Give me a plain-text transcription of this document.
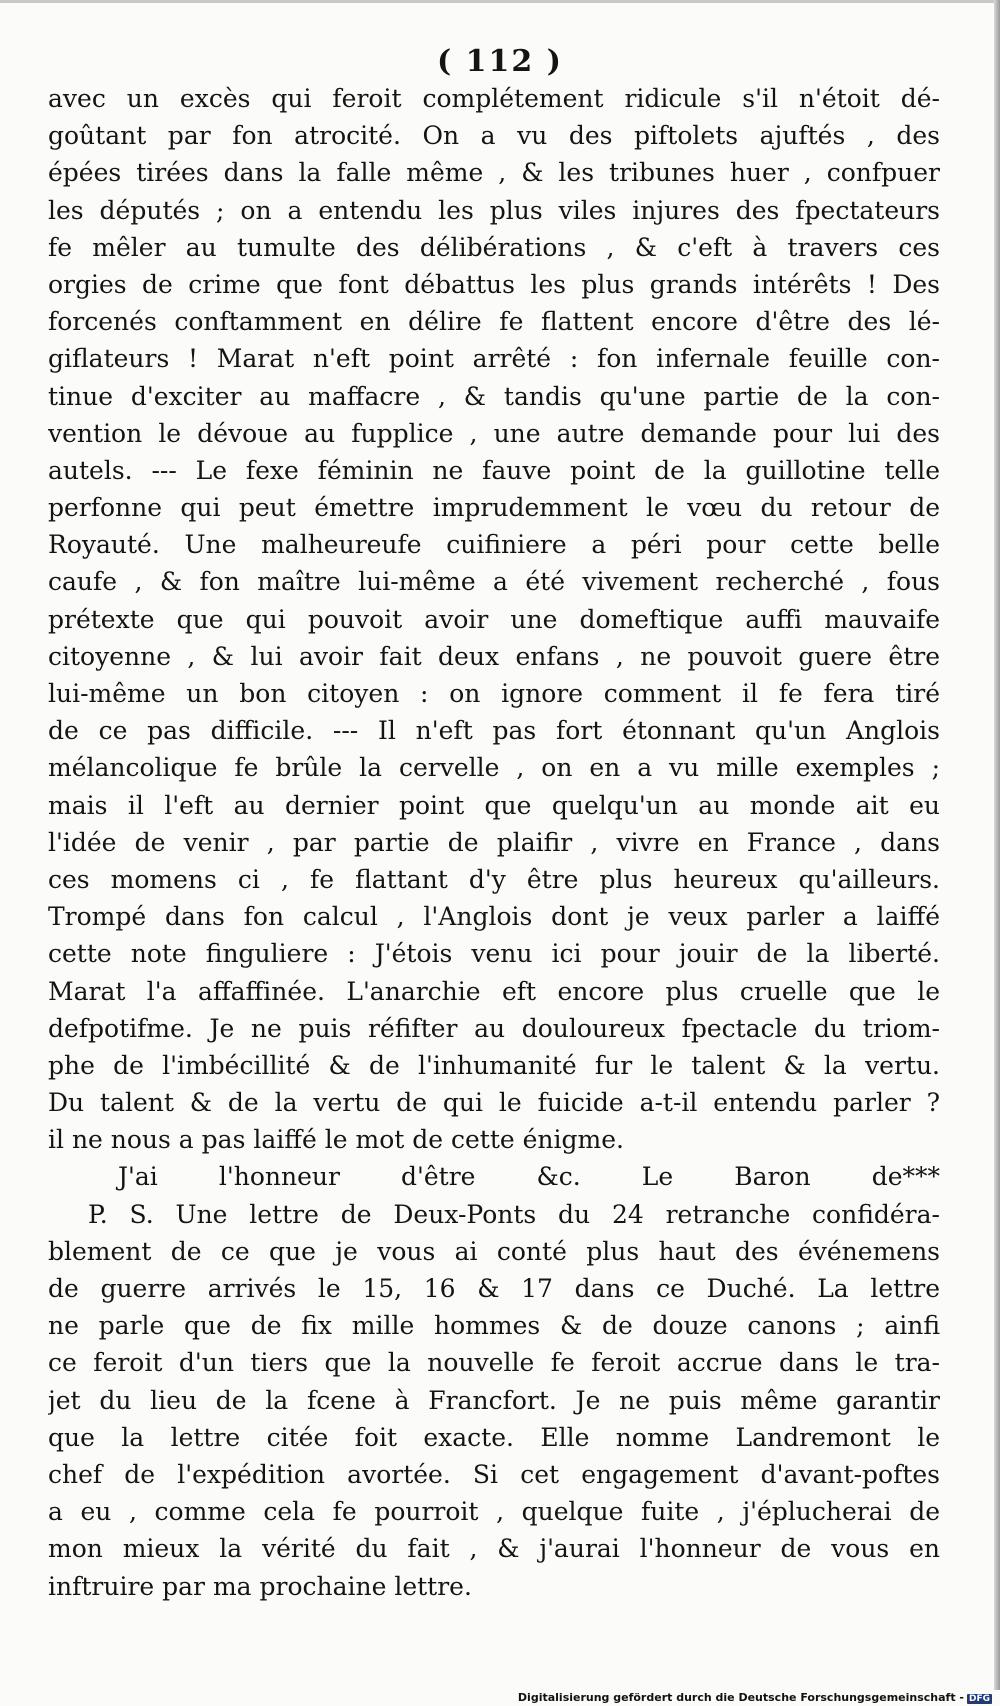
( 112 )
avec un excès qui feroit complétement ridicule s'il n'étoit dé-
goûtant par fon atrocité. On a vu des piftolets ajuftés , des
épées tirées dans la falle même , & les tribunes huer , confpuer
les députés ; on a entendu les plus viles injures des fpectateurs
fe mêler au tumulte des délibérations , & c'eft à travers ces
orgies de crime que font débattus les plus grands intérêts ! Des
forcenés conftamment en délire fe flattent encore d'être des lé-
giflateurs ! Marat n'eft point arrêté : fon infernale feuille con-
tinue d'exciter au maffacre , & tandis qu'une partie de la con-
vention le dévoue au fupplice , une autre demande pour lui des
autels. --- Le fexe féminin ne fauve point de la guillotine telle
perfonne qui peut émettre imprudemment le vœu du retour de
Royauté. Une malheureufe cuifiniere a péri pour cette belle
caufe , & fon maître lui-même a été vivement recherché , fous
prétexte que qui pouvoit avoir une domeftique auffi mauvaife
citoyenne , & lui avoir fait deux enfans , ne pouvoit guere être
lui-même un bon citoyen : on ignore comment il fe fera tiré
de ce pas difficile. --- Il n'eft pas fort étonnant qu'un Anglois
mélancolique fe brûle la cervelle , on en a vu mille exemples ;
mais il l'eft au dernier point que quelqu'un au monde ait eu
l'idée de venir , par partie de plaifir , vivre en France , dans
ces momens ci , fe flattant d'y être plus heureux qu'ailleurs.
Trompé dans fon calcul , l'Anglois dont je veux parler a laiffé
cette note finguliere : J'étois venu ici pour jouir de la liberté.
Marat l'a affaffinée. L'anarchie eft encore plus cruelle que le
defpotifme. Je ne puis réfifter au douloureux fpectacle du triom-
phe de l'imbécillité & de l'inhumanité fur le talent & la vertu.
Du talent & de la vertu de qui le fuicide a-t-il entendu parler ?
il ne nous a pas laiffé le mot de cette énigme.
J'ai l'honneur d'être &c. Le Baron de***
P. S. Une lettre de Deux-Ponts du 24 retranche confidéra-
blement de ce que je vous ai conté plus haut des événemens
de guerre arrivés le 15, 16 & 17 dans ce Duché. La lettre
ne parle que de fix mille hommes & de douze canons ; ainfi
ce feroit d'un tiers que la nouvelle fe feroit accrue dans le tra-
jet du lieu de la fcene à Francfort. Je ne puis même garantir
que la lettre citée foit exacte. Elle nomme Landremont le
chef de l'expédition avortée. Si cet engagement d'avant-poftes
a eu , comme cela fe pourroit , quelque fuite , j'éplucherai de
mon mieux la vérité du fait , & j'aurai l'honneur de vous en
inftruire par ma prochaine lettre.
Digitalisierung gefördert durch die Deutsche Forschungsgemeinschaft - DFG
